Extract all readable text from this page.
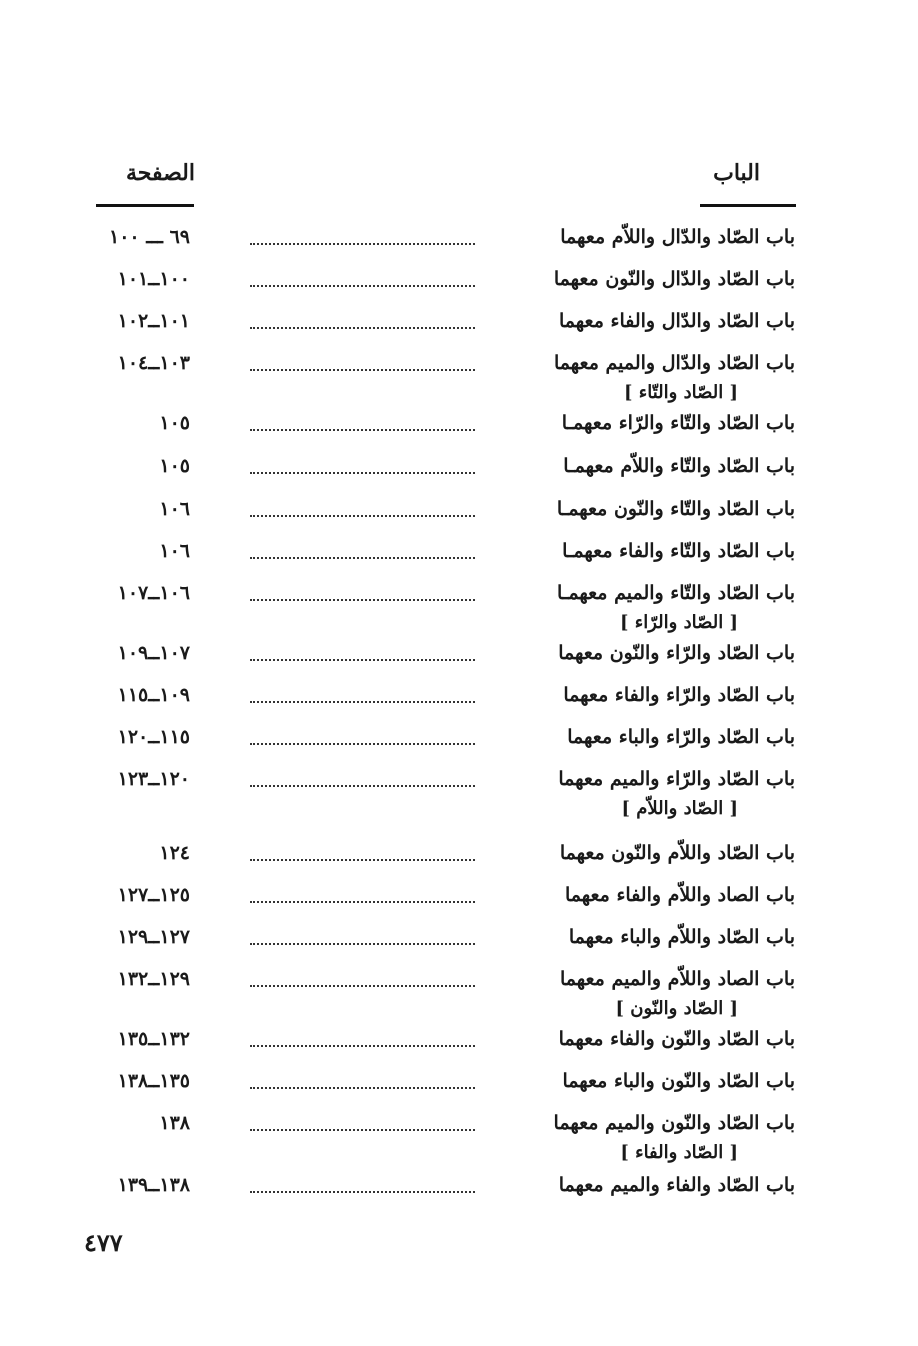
الباب
الصفحة
باب الصّاد والدّال واللاّم معهما
٦٩ ـــ ١٠٠
باب الصّاد والدّال والنّون معهما
١٠٠ــ١٠١
باب الصّاد والدّال والفاء معهما
١٠١ــ١٠٢
باب الصّاد والدّال والميم معهما
١٠٣ــ١٠٤
[ الصّاد والتّاء ]
باب الصّاد والتّاء والرّاء معهمـا
١٠٥
باب الصّاد والتّاء واللاّم معهمـا
١٠٥
باب الصّاد والتّاء والنّون معهمـا
١٠٦
باب الصّاد والتّاء والفاء معهمـا
١٠٦
باب الصّاد والتّاء والميم معهمـا
١٠٦ــ١٠٧
[ الصّاد والرّاء ]
باب الصّاد والرّاء والنّون معهما
١٠٧ــ١٠٩
باب الصّاد والرّاء والفاء معهما
١٠٩ــ١١٥
باب الصّاد والرّاء والباء معهما
١١٥ــ١٢٠
باب الصّاد والرّاء والميم معهما
١٢٠ــ١٢٣
[ الصّاد واللاّم ]
باب الصّاد واللاّم والنّون معهما
١٢٤
باب الصاد واللاّم والفاء معهما
١٢٥ــ١٢٧
باب الصّاد واللاّم والباء معهما
١٢٧ــ١٢٩
باب الصاد واللاّم والميم معهما
١٢٩ــ١٣٢
[ الصّاد والنّون ]
باب الصّاد والنّون والفاء معهما
١٣٢ــ١٣٥
باب الصّاد والنّون والباء معهما
١٣٥ــ١٣٨
باب الصّاد والنّون والميم معهما
١٣٨
[ الصّاد والفاء ]
باب الصّاد والفاء والميم معهما
١٣٨ــ١٣٩
٤٧٧
